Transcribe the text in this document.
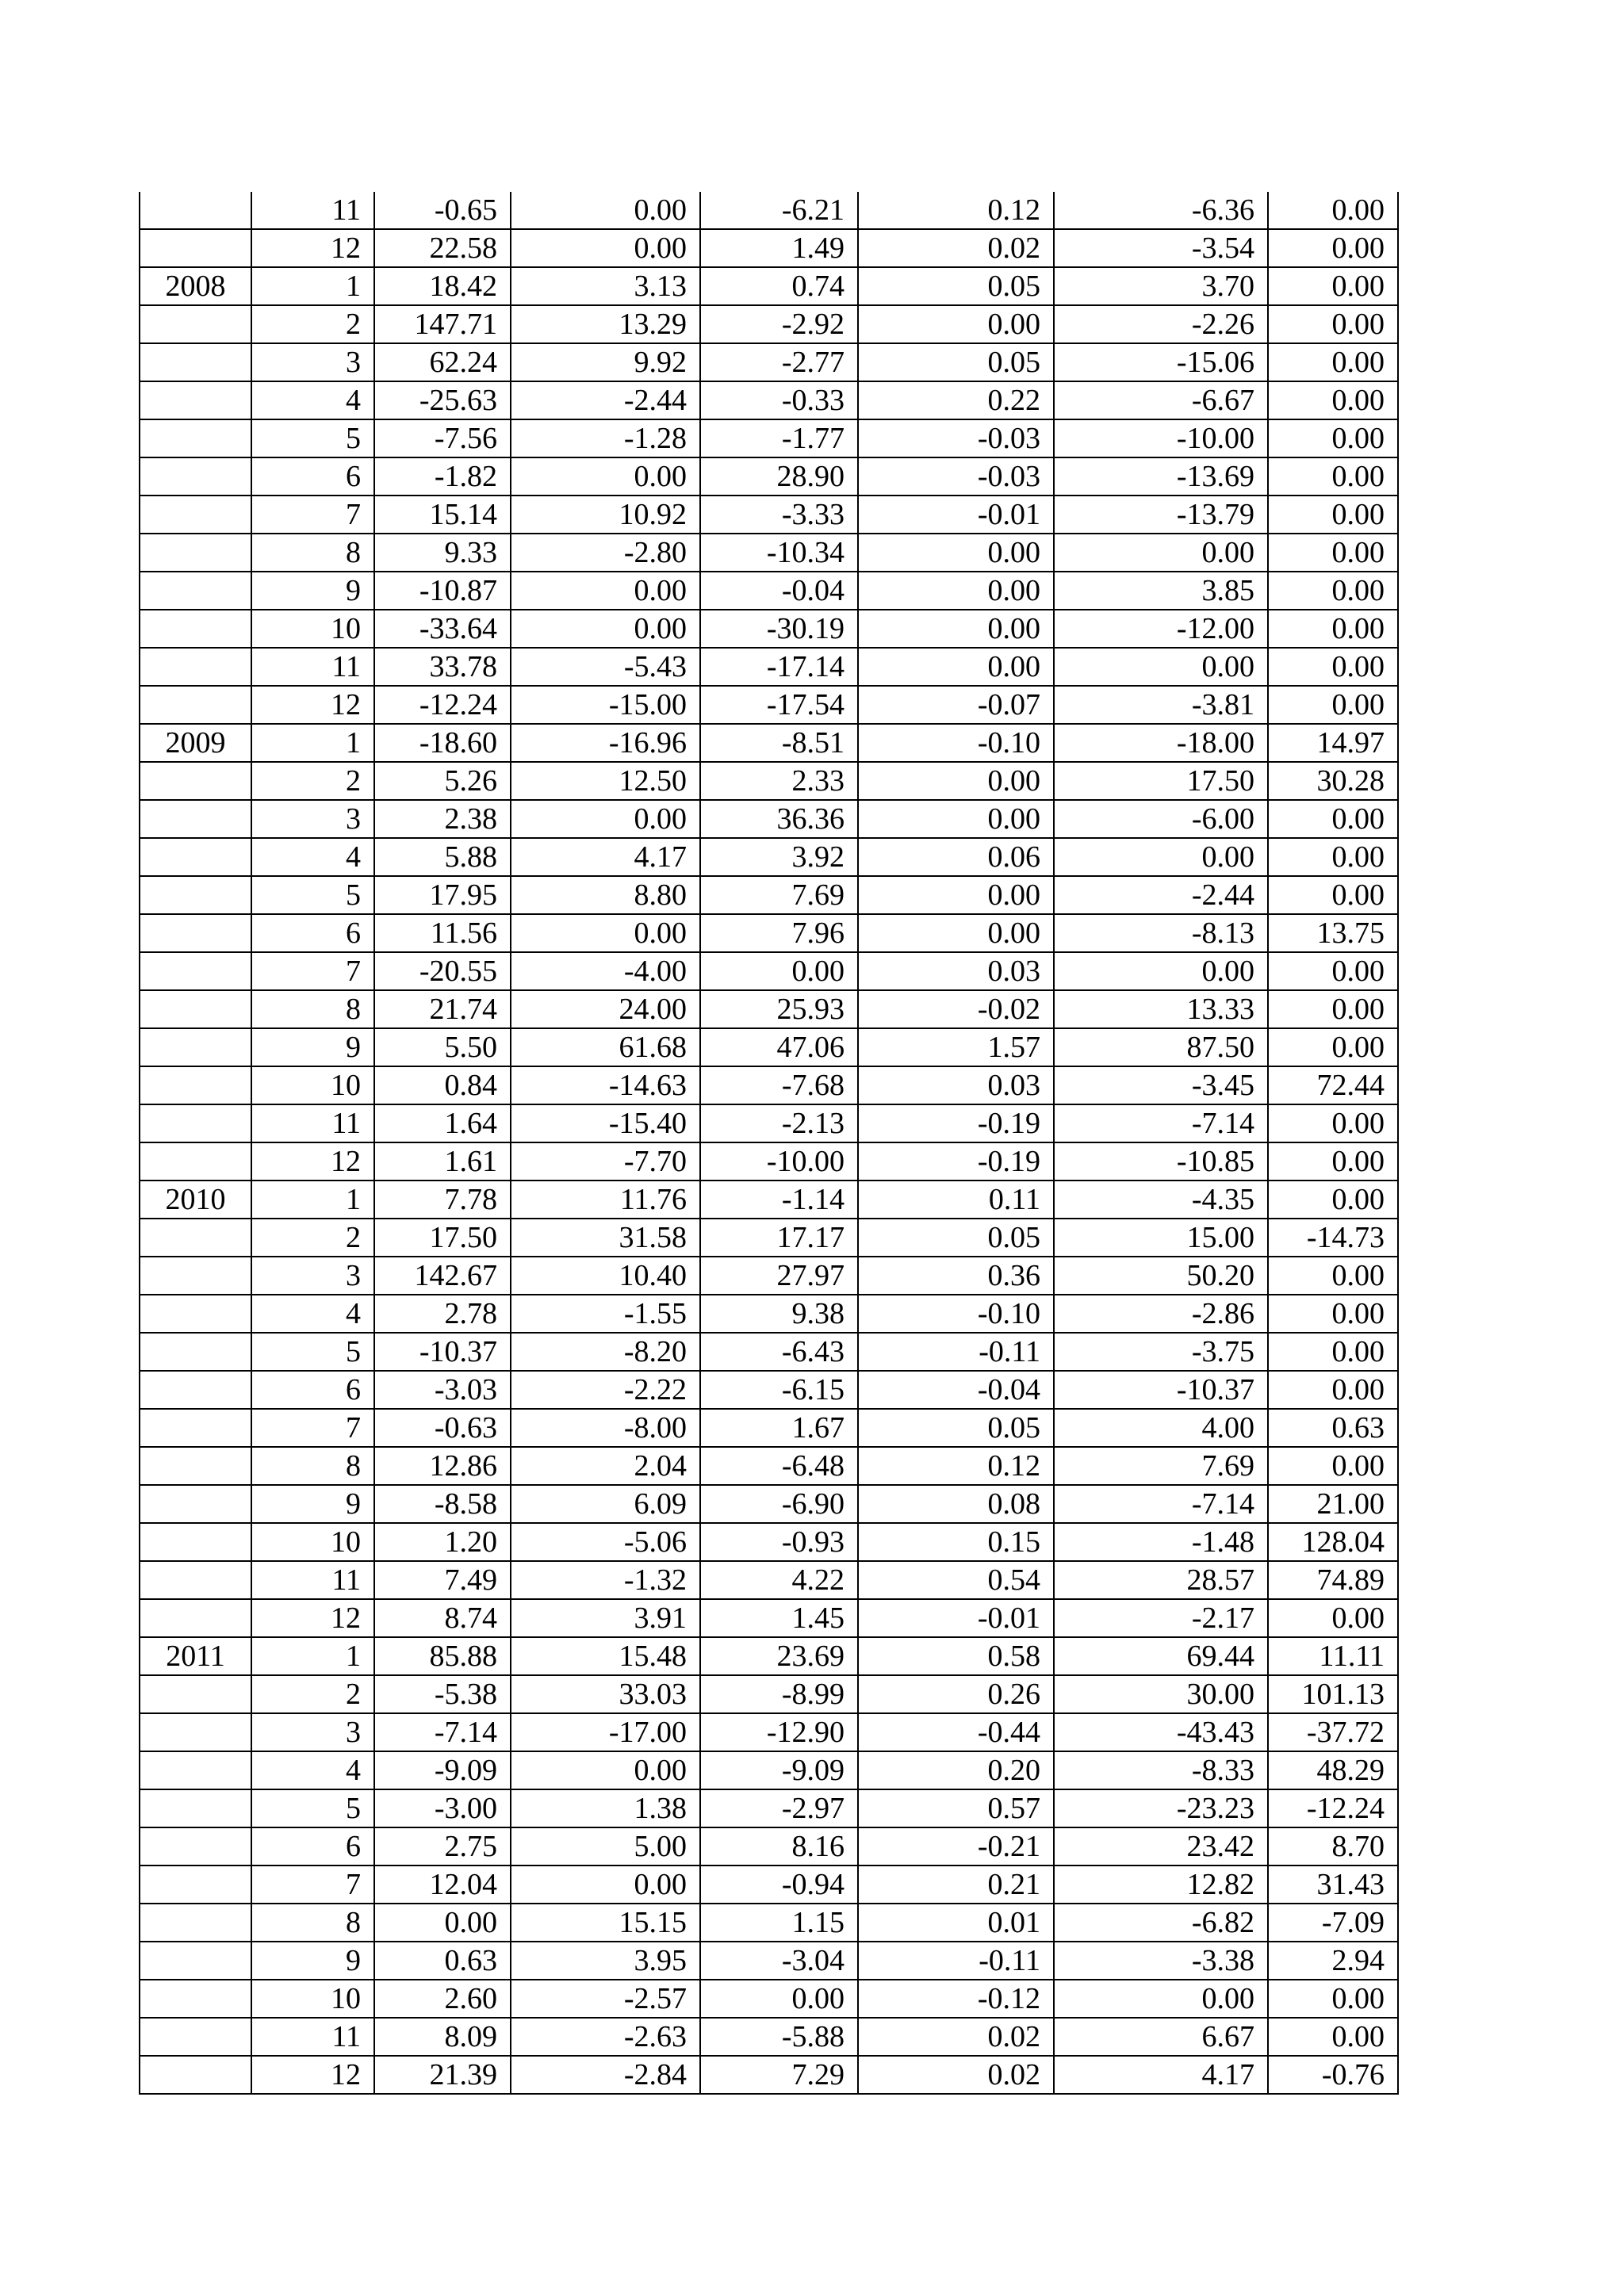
	11	-0.65	0.00	-6.21	0.12	-6.36	0.00
	12	22.58	0.00	1.49	0.02	-3.54	0.00
2008	1	18.42	3.13	0.74	0.05	3.70	0.00
	2	147.71	13.29	-2.92	0.00	-2.26	0.00
	3	62.24	9.92	-2.77	0.05	-15.06	0.00
	4	-25.63	-2.44	-0.33	0.22	-6.67	0.00
	5	-7.56	-1.28	-1.77	-0.03	-10.00	0.00
	6	-1.82	0.00	28.90	-0.03	-13.69	0.00
	7	15.14	10.92	-3.33	-0.01	-13.79	0.00
	8	9.33	-2.80	-10.34	0.00	0.00	0.00
	9	-10.87	0.00	-0.04	0.00	3.85	0.00
	10	-33.64	0.00	-30.19	0.00	-12.00	0.00
	11	33.78	-5.43	-17.14	0.00	0.00	0.00
	12	-12.24	-15.00	-17.54	-0.07	-3.81	0.00
2009	1	-18.60	-16.96	-8.51	-0.10	-18.00	14.97
	2	5.26	12.50	2.33	0.00	17.50	30.28
	3	2.38	0.00	36.36	0.00	-6.00	0.00
	4	5.88	4.17	3.92	0.06	0.00	0.00
	5	17.95	8.80	7.69	0.00	-2.44	0.00
	6	11.56	0.00	7.96	0.00	-8.13	13.75
	7	-20.55	-4.00	0.00	0.03	0.00	0.00
	8	21.74	24.00	25.93	-0.02	13.33	0.00
	9	5.50	61.68	47.06	1.57	87.50	0.00
	10	0.84	-14.63	-7.68	0.03	-3.45	72.44
	11	1.64	-15.40	-2.13	-0.19	-7.14	0.00
	12	1.61	-7.70	-10.00	-0.19	-10.85	0.00
2010	1	7.78	11.76	-1.14	0.11	-4.35	0.00
	2	17.50	31.58	17.17	0.05	15.00	-14.73
	3	142.67	10.40	27.97	0.36	50.20	0.00
	4	2.78	-1.55	9.38	-0.10	-2.86	0.00
	5	-10.37	-8.20	-6.43	-0.11	-3.75	0.00
	6	-3.03	-2.22	-6.15	-0.04	-10.37	0.00
	7	-0.63	-8.00	1.67	0.05	4.00	0.63
	8	12.86	2.04	-6.48	0.12	7.69	0.00
	9	-8.58	6.09	-6.90	0.08	-7.14	21.00
	10	1.20	-5.06	-0.93	0.15	-1.48	128.04
	11	7.49	-1.32	4.22	0.54	28.57	74.89
	12	8.74	3.91	1.45	-0.01	-2.17	0.00
2011	1	85.88	15.48	23.69	0.58	69.44	11.11
	2	-5.38	33.03	-8.99	0.26	30.00	101.13
	3	-7.14	-17.00	-12.90	-0.44	-43.43	-37.72
	4	-9.09	0.00	-9.09	0.20	-8.33	48.29
	5	-3.00	1.38	-2.97	0.57	-23.23	-12.24
	6	2.75	5.00	8.16	-0.21	23.42	8.70
	7	12.04	0.00	-0.94	0.21	12.82	31.43
	8	0.00	15.15	1.15	0.01	-6.82	-7.09
	9	0.63	3.95	-3.04	-0.11	-3.38	2.94
	10	2.60	-2.57	0.00	-0.12	0.00	0.00
	11	8.09	-2.63	-5.88	0.02	6.67	0.00
	12	21.39	-2.84	7.29	0.02	4.17	-0.76
